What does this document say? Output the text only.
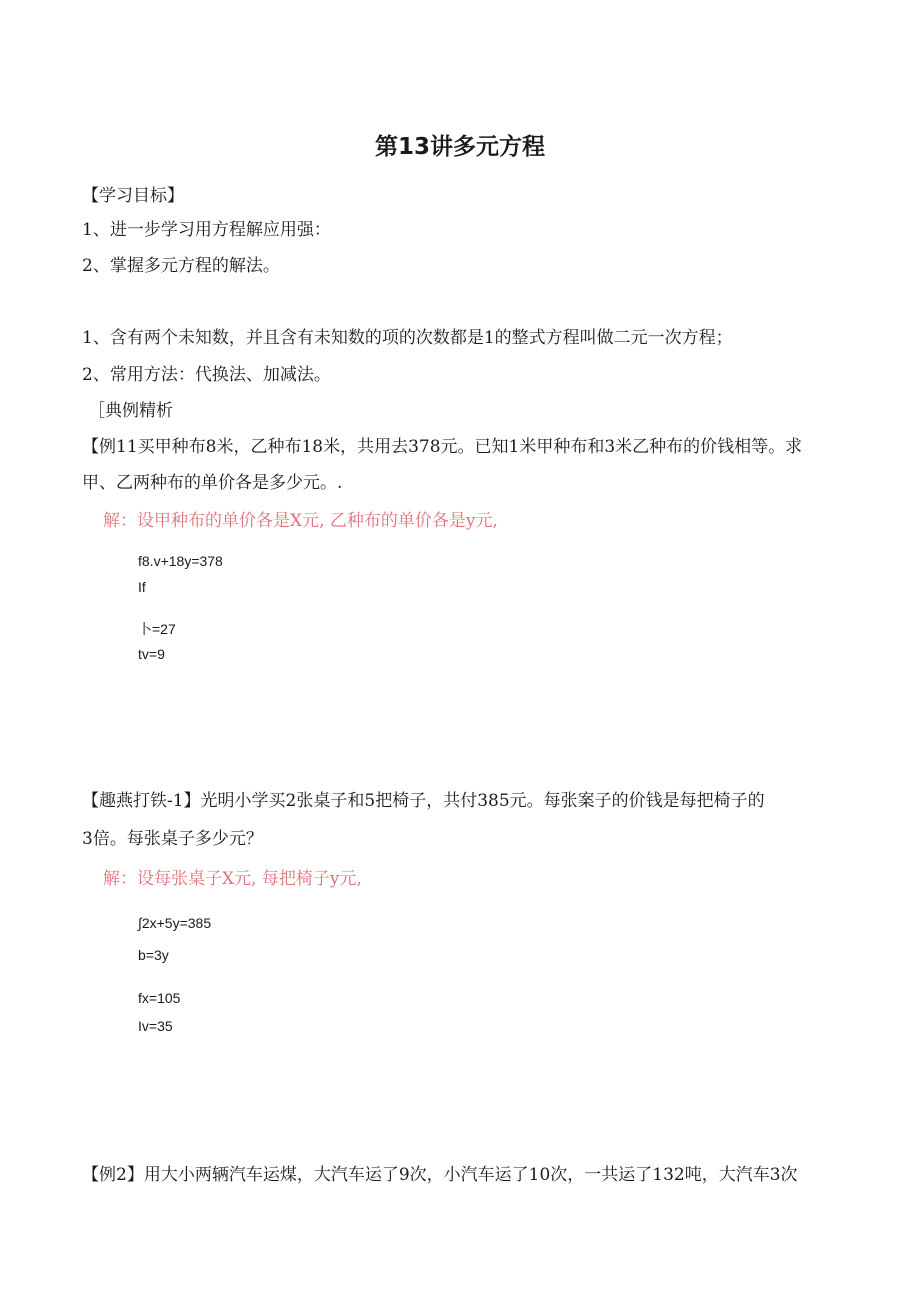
第13讲多元方程
【学习目标】
1、进一步学习用方程解应用强：
2、掌握多元方程的解法。
1、含有两个未知数，并且含有未知数的项的次数都是1的整式方程叫做二元一次方程；
2、常用方法：代换法、加减法。
［典例精析
【例11买甲种布8米，乙种布18米，共用去378元。已知1米甲种布和3米乙种布的价钱相等。求
甲、乙两种布的单价各是多少元。.
解：设甲种布的单价各是X元, 乙种布的单价各是y元,
f8.v+18y=378
If
卜=27
tv=9
【趣燕打铁-1】光明小学买2张桌子和5把椅子，共付385元。每张案子的价钱是每把椅子的
3倍。每张桌子多少元？
解：设每张桌子X元, 每把椅子y元,
∫2x+5y=385
b=3y
fx=105
Iv=35
【例2】用大小两辆汽车运煤，大汽车运了9次，小汽车运了10次，一共运了132吨，大汽车3次
